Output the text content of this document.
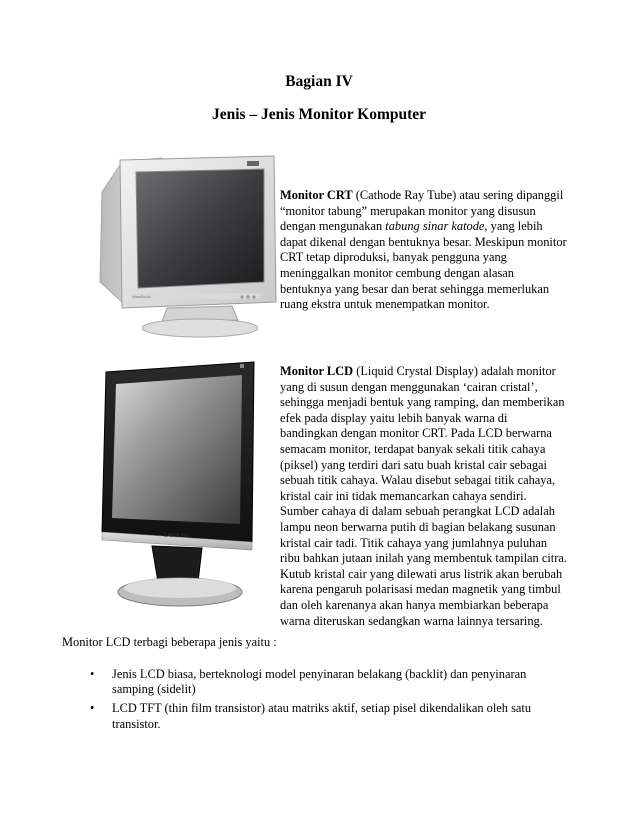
Bagian IV
Jenis – Jenis Monitor Komputer
ViewSonic

Monitor CRT (Cathode Ray Tube) atau sering dipanggil “monitor tabung” merupakan monitor yang disusun dengan mengunakan tabung sinar katode, yang lebih dapat dikenal dengan bentuknya besar. Meskipun monitor CRT tetap diproduksi, banyak pengguna yang meninggalkan monitor cembung dengan alasan bentuknya yang besar dan berat sehingga memerlukan ruang ekstra untuk menempatkan monitor.

SAMSUNG

Monitor LCD (Liquid Crystal Display) adalah monitor yang di susun dengan menggunakan ‘cairan cristal’, sehingga menjadi bentuk yang ramping, dan memberikan efek pada display yaitu lebih banyak warna di bandingkan dengan monitor CRT. Pada LCD berwarna semacam monitor, terdapat banyak sekali titik cahaya (piksel) yang terdiri dari satu buah kristal cair sebagai sebuah titik cahaya. Walau disebut sebagai titik cahaya, kristal cair ini tidak memancarkan cahaya sendiri. Sumber cahaya di dalam sebuah perangkat LCD adalah lampu neon berwarna putih di bagian belakang susunan kristal cair tadi. Titik cahaya yang jumlahnya puluhan ribu bahkan jutaan inilah yang membentuk tampilan citra. Kutub kristal cair yang dilewati arus listrik akan berubah karena pengaruh polarisasi medan magnetik yang timbul dan oleh karenanya akan hanya membiarkan beberapa warna diteruskan sedangkan warna lainnya tersaring.

Monitor LCD terbagi beberapa jenis yaitu :

• Jenis LCD biasa, berteknologi model penyinaran belakang (backlit) dan penyinaran samping (sidelit)
• LCD TFT (thin film transistor) atau matriks aktif, setiap pisel dikendalikan oleh satu transistor.
